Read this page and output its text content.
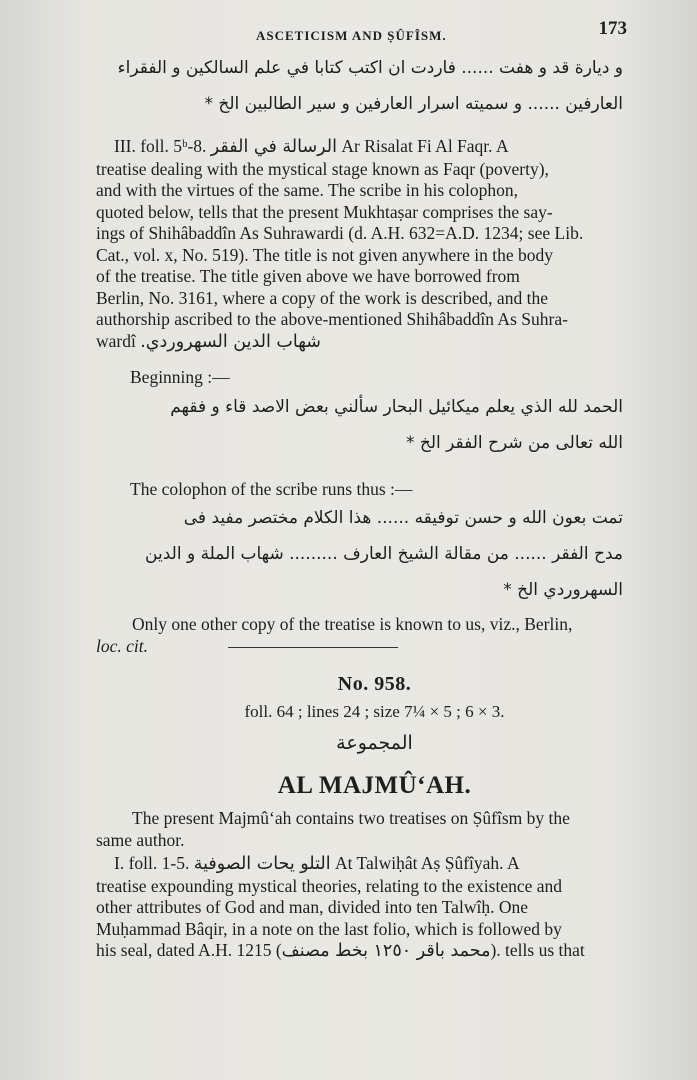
ASCETICISM AND ṢÛFÎSM.	173
و ديارة قد و هفت ...... فاردت ان اكتب كتابا في علم السالكين و الفقراء
العارفين ...... و سميته اسرار العارفين و سير الطالبين الخ *
III. foll. 5ᵇ-8. الرسالة في الفقر Ar Risalat Fi Al Faqr. A
treatise dealing with the mystical stage known as Faqr (poverty),
and with the virtues of the same. The scribe in his colophon,
quoted below, tells that the present Mukhtaṣar comprises the say-
ings of Shihâbaddîn As Suhrawardi (d. A.H. 632=A.D. 1234; see Lib.
Cat., vol. x, No. 519). The title is not given anywhere in the body
of the treatise. The title given above we have borrowed from
Berlin, No. 3161, where a copy of the work is described, and the
authorship ascribed to the above-mentioned Shihâbaddîn As Suhra-
wardî شهاب الدين السهروردي.
Beginning :—
الحمد لله الذي يعلم ميكائيل البحار سألني بعض الاصد قاء و فقهم
الله تعالى من شرح الفقر الخ *
The colophon of the scribe runs thus :—
تمت بعون الله و حسن توفيقه ...... هذا الكلام مختصر مفيد فى
مدح الفقر ...... من مقالة الشيخ العارف ......... شهاب الملة و الدين
السهروردي الخ *
Only one other copy of the treatise is known to us, viz., Berlin,
loc. cit.
No. 958.
foll. 64 ; lines 24 ; size 7¼ × 5 ; 6 × 3.
المجموعة
AL MAJMÛ‘AH.
The present Majmû‘ah contains two treatises on Ṣûfîsm by the
same author.
I. foll. 1-5. التلو يحات الصوفية At Talwiḥât Aṣ Ṣûfîyah. A
treatise expounding mystical theories, relating to the existence and
other attributes of God and man, divided into ten Talwîḥ. One
Muḥammad Bâqir, in a note on the last folio, which is followed by
his seal, dated A.H. 1215 (محمد باقر ١٢٥٠ بخط مصنف). tells us that
